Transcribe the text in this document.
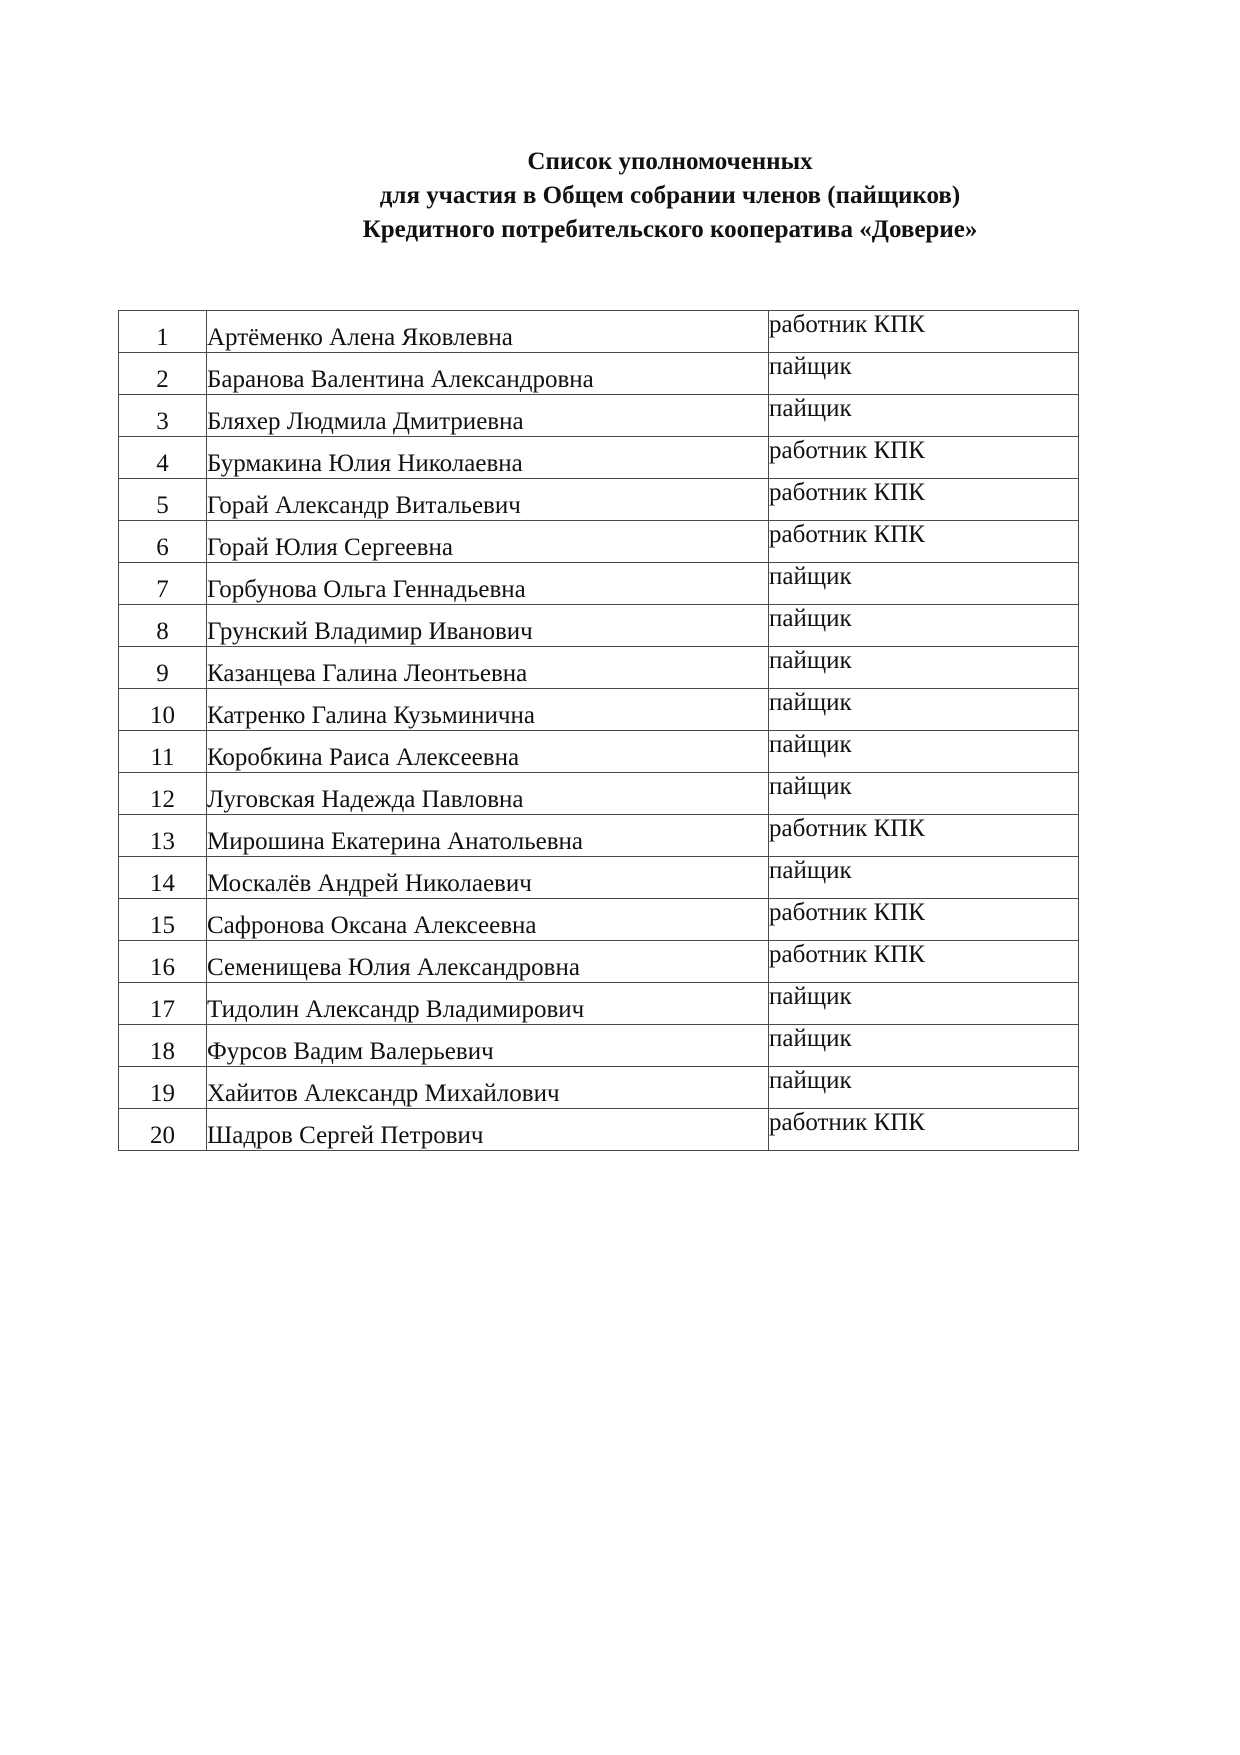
Список уполномоченных
для участия в Общем собрании членов (пайщиков)
Кредитного потребительского кооператива «Доверие»
1	Артёменко Алена Яковлевна	работник КПК
2	Баранова Валентина Александровна	пайщик
3	Бляхер Людмила Дмитриевна	пайщик
4	Бурмакина Юлия Николаевна	работник КПК
5	Горай Александр Витальевич	работник КПК
6	Горай Юлия Сергеевна	работник КПК
7	Горбунова Ольга Геннадьевна	пайщик
8	Грунский Владимир Иванович	пайщик
9	Казанцева Галина Леонтьевна	пайщик
10	Катренко Галина Кузьминична	пайщик
11	Коробкина Раиса Алексеевна	пайщик
12	Луговская Надежда Павловна	пайщик
13	Мирошина Екатерина Анатольевна	работник КПК
14	Москалёв Андрей Николаевич	пайщик
15	Сафронова Оксана Алексеевна	работник КПК
16	Семенищева Юлия Александровна	работник КПК
17	Тидолин Александр Владимирович	пайщик
18	Фурсов Вадим Валерьевич	пайщик
19	Хайитов Александр Михайлович	пайщик
20	Шадров Сергей Петрович	работник КПК
